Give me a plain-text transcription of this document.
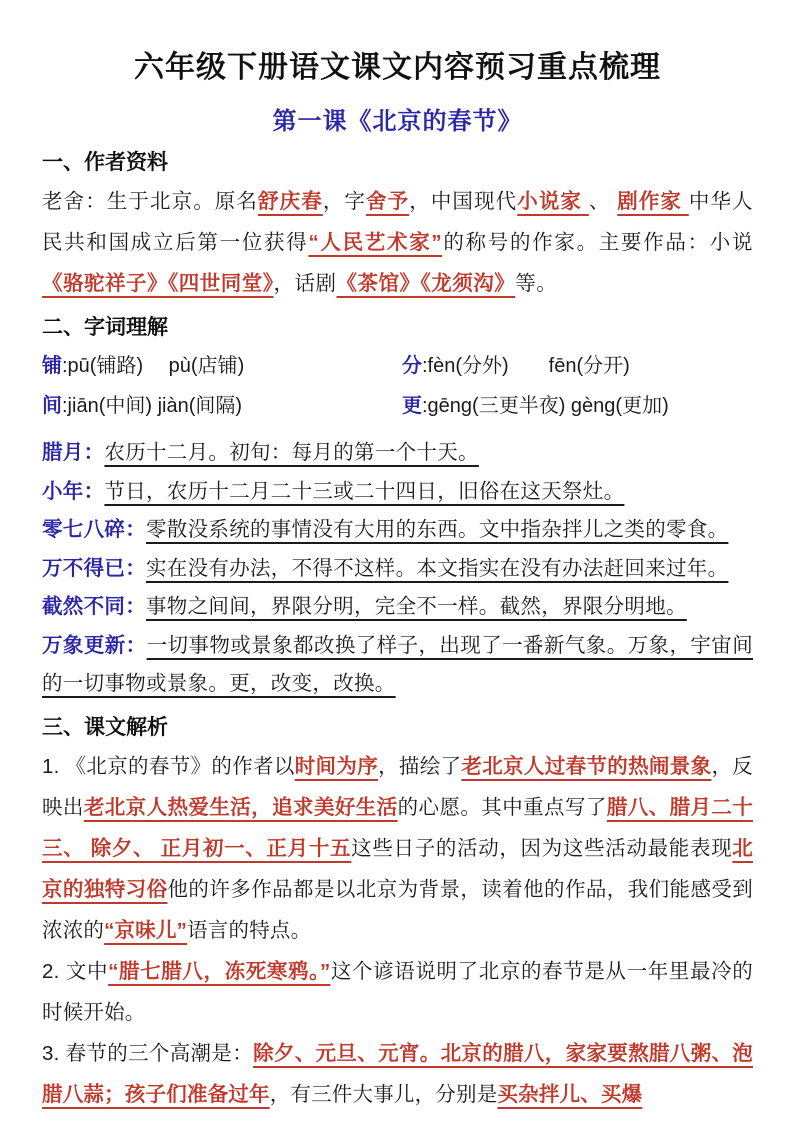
六年级下册语文课文内容预习重点梳理
第一课《北京的春节》
一、作者资料

老舍：生于北京。原名舒庆春，字舍予，中国现代小说家 、 剧作家 中华人民共和国成立后第一位获得“人民艺术家”的称号的作家。主要作品：小说《骆驼祥子》《四世同堂》，话剧《茶馆》《龙须沟》等。

二、字词理解
铺:pū(铺路)　 pù(店铺)	分:fèn(分外)　　fēn(分开)
间:jiān(中间) jiàn(间隔)	更:gēng(三更半夜) gèng(更加)

腊月：农历十二月。初旬：每月的第一个十天。

小年：节日，农历十二月二十三或二十四日，旧俗在这天祭灶。

零七八碎：零散没系统的事情没有大用的东西。文中指杂拌儿之类的零食。

万不得已：实在没有办法，不得不这样。本文指实在没有办法赶回来过年。

截然不同：事物之间间，界限分明，完全不一样。截然，界限分明地。

万象更新：一切事物或景象都改换了样子，出现了一番新气象。万象，宇宙间的一切事物或景象。更，改变，改换。

三、课文解析

1. 《北京的春节》的作者以时间为序，描绘了老北京人过春节的热闹景象，反映出老北京人热爱生活，追求美好生活的心愿。其中重点写了腊八、腊月二十三、 除夕、 正月初一、正月十五这些日子的活动，因为这些活动最能表现北京的独特习俗他的许多作品都是以北京为背景，读着他的作品，我们能感受到浓浓的“京味儿”语言的特点。

2. 文中“腊七腊八，冻死寒鸦。”这个谚语说明了北京的春节是从一年里最冷的时候开始。

3. 春节的三个高潮是：除夕、元旦、元宵。北京的腊八，家家要熬腊八粥、泡腊八蒜；孩子们准备过年，有三件大事儿，分别是买杂拌儿、买爆
